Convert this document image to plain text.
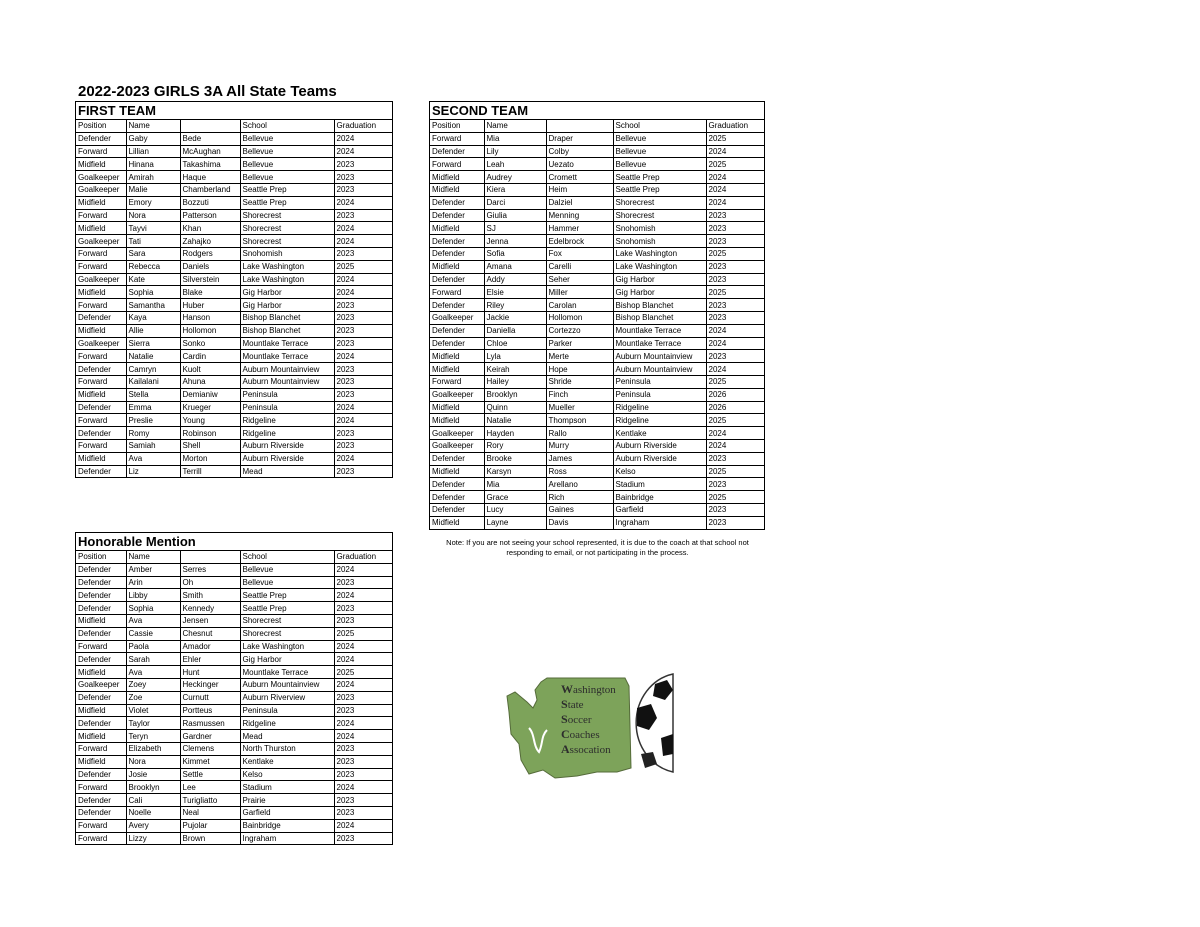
2022-2023 GIRLS 3A All State Teams
FIRST TEAM
Position	Name		School	Graduation
Defender	Gaby	Bede	Bellevue	2024
Forward	Lillian	McAughan	Bellevue	2024
Midfield	Hinana	Takashima	Bellevue	2023
Goalkeeper	Amirah	Haque	Bellevue	2023
Goalkeeper	Malie	Chamberland	Seattle Prep	2023
Midfield	Emory	Bozzuti	Seattle Prep	2024
Forward	Nora	Patterson	Shorecrest	2023
Midfield	Tayvi	Khan	Shorecrest	2024
Goalkeeper	Tati	Zahajko	Shorecrest	2024
Forward	Sara	Rodgers	Snohomish	2023
Forward	Rebecca	Daniels	Lake Washington	2025
Goalkeeper	Kate	Silverstein	Lake Washington	2024
Midfield	Sophia	Blake	Gig Harbor	2024
Forward	Samantha	Huber	Gig Harbor	2023
Defender	Kaya	Hanson	Bishop Blanchet	2023
Midfield	Allie	Hollomon	Bishop Blanchet	2023
Goalkeeper	Sierra	Sonko	Mountlake Terrace	2023
Forward	Natalie	Cardin	Mountlake Terrace	2024
Defender	Camryn	Kuolt	Auburn Mountainview	2023
Forward	Kailalani	Ahuna	Auburn Mountainview	2023
Midfield	Stella	Demianiw	Peninsula	2023
Defender	Emma	Krueger	Peninsula	2024
Forward	Preslie	Young	Ridgeline	2024
Defender	Romy	Robinson	Ridgeline	2023
Forward	Samiah	Shell	Auburn Riverside	2023
Midfield	Ava	Morton	Auburn Riverside	2024
Defender	Liz	Terrill	Mead	2023
SECOND TEAM
Position	Name		School	Graduation
Forward	Mia	Draper	Bellevue	2025
Defender	Lily	Colby	Bellevue	2024
Forward	Leah	Uezato	Bellevue	2025
Midfield	Audrey	Cromett	Seattle Prep	2024
Midfield	Kiera	Heim	Seattle Prep	2024
Defender	Darci	Dalziel	Shorecrest	2024
Defender	Giulia	Menning	Shorecrest	2023
Midfield	SJ	Hammer	Snohomish	2023
Defender	Jenna	Edelbrock	Snohomish	2023
Defender	Sofia	Fox	Lake Washington	2025
Midfield	Amana	Carelli	Lake Washington	2023
Defender	Addy	Seher	Gig Harbor	2023
Forward	Elsie	Miller	Gig Harbor	2025
Defender	Riley	Carolan	Bishop Blanchet	2023
Goalkeeper	Jackie	Hollomon	Bishop Blanchet	2023
Defender	Daniella	Cortezzo	Mountlake Terrace	2024
Defender	Chloe	Parker	Mountlake Terrace	2024
Midfield	Lyla	Merte	Auburn Mountainview	2023
Midfield	Keirah	Hope	Auburn Mountainview	2024
Forward	Hailey	Shride	Peninsula	2025
Goalkeeper	Brooklyn	Finch	Peninsula	2026
Midfield	Quinn	Mueller	Ridgeline	2026
Midfield	Natalie	Thompson	Ridgeline	2025
Goalkeeper	Hayden	Rallo	Kentlake	2024
Goalkeeper	Rory	Murry	Auburn Riverside	2024
Defender	Brooke	James	Auburn Riverside	2023
Midfield	Karsyn	Ross	Kelso	2025
Defender	Mia	Arellano	Stadium	2023
Defender	Grace	Rich	Bainbridge	2025
Defender	Lucy	Gaines	Garfield	2023
Midfield	Layne	Davis	Ingraham	2023
Honorable Mention
Position	Name		School	Graduation
Defender	Amber	Serres	Bellevue	2024
Defender	Arin	Oh	Bellevue	2023
Defender	Libby	Smith	Seattle Prep	2024
Defender	Sophia	Kennedy	Seattle Prep	2023
Midfield	Ava	Jensen	Shorecrest	2023
Defender	Cassie	Chesnut	Shorecrest	2025
Forward	Paola	Amador	Lake Washington	2024
Defender	Sarah	Ehler	Gig Harbor	2024
Midfield	Ava	Hunt	Mountlake Terrace	2025
Goalkeeper	Zoey	Heckinger	Auburn Mountainview	2024
Defender	Zoe	Curnutt	Auburn Riverview	2023
Midfield	Violet	Portteus	Peninsula	2023
Defender	Taylor	Rasmussen	Ridgeline	2024
Midfield	Teryn	Gardner	Mead	2024
Forward	Elizabeth	Clemens	North Thurston	2023
Midfield	Nora	Kimmet	Kentlake	2023
Defender	Josie	Settle	Kelso	2023
Forward	Brooklyn	Lee	Stadium	2024
Defender	Cali	Turigliatto	Prairie	2023
Defender	Noelle	Neal	Garfield	2023
Forward	Avery	Pujolar	Bainbridge	2024
Forward	Lizzy	Brown	Ingraham	2023
Note: If you are not seeing your school represented, it is due to the coach at that school not responding to email, or not participating in the process.
Washington
State
Soccer
Coaches
Assocation
